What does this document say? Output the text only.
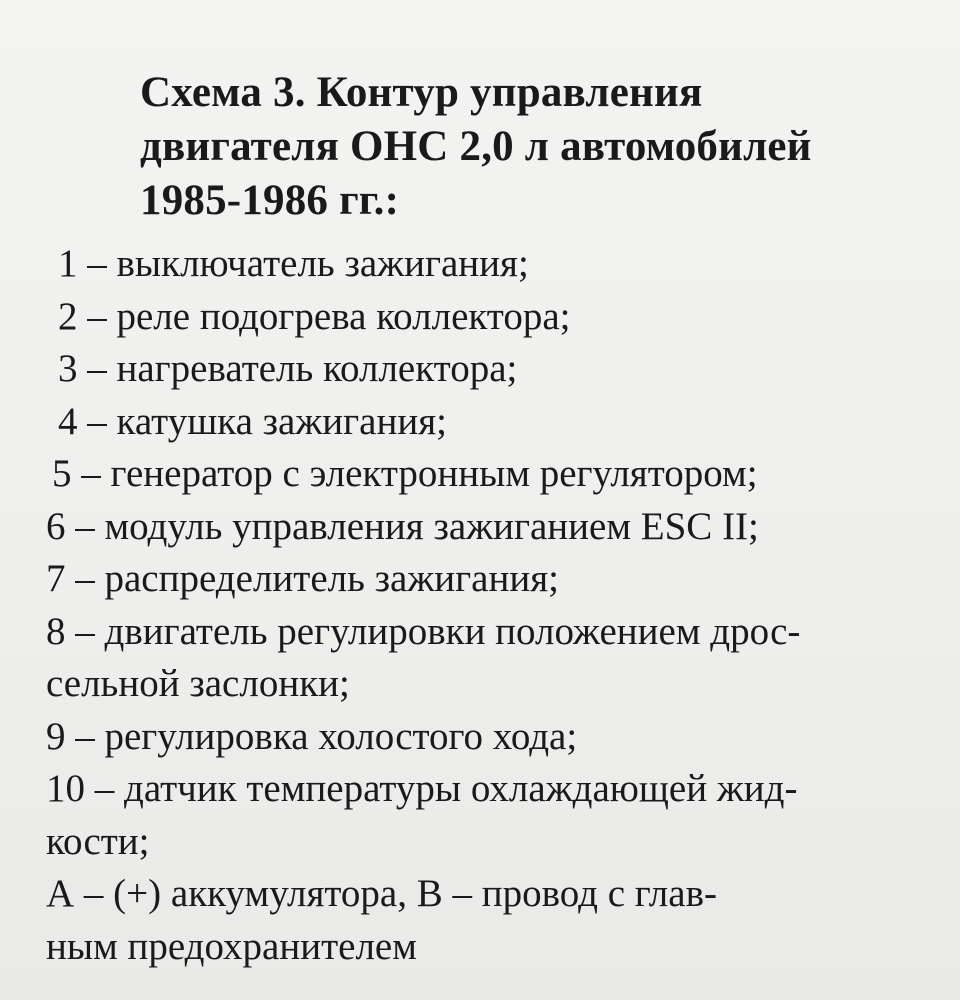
Схема 3. Контур управления
двигателя ОНС 2,0 л автомобилей
1985-1986 гг.:
1 – выключатель зажигания;
2 – реле подогрева коллектора;
3 – нагреватель коллектора;
4 – катушка зажигания;
5 – генератор с электронным регулятором;
6 – модуль управления зажиганием ESC II;
7 – распределитель зажигания;
8 – двигатель регулировки положением дрос-
сельной заслонки;
9 – регулировка холостого хода;
10 – датчик температуры охлаждающей жид-
кости;
А – (+) аккумулятора, В – провод с глав-
ным предохранителем
